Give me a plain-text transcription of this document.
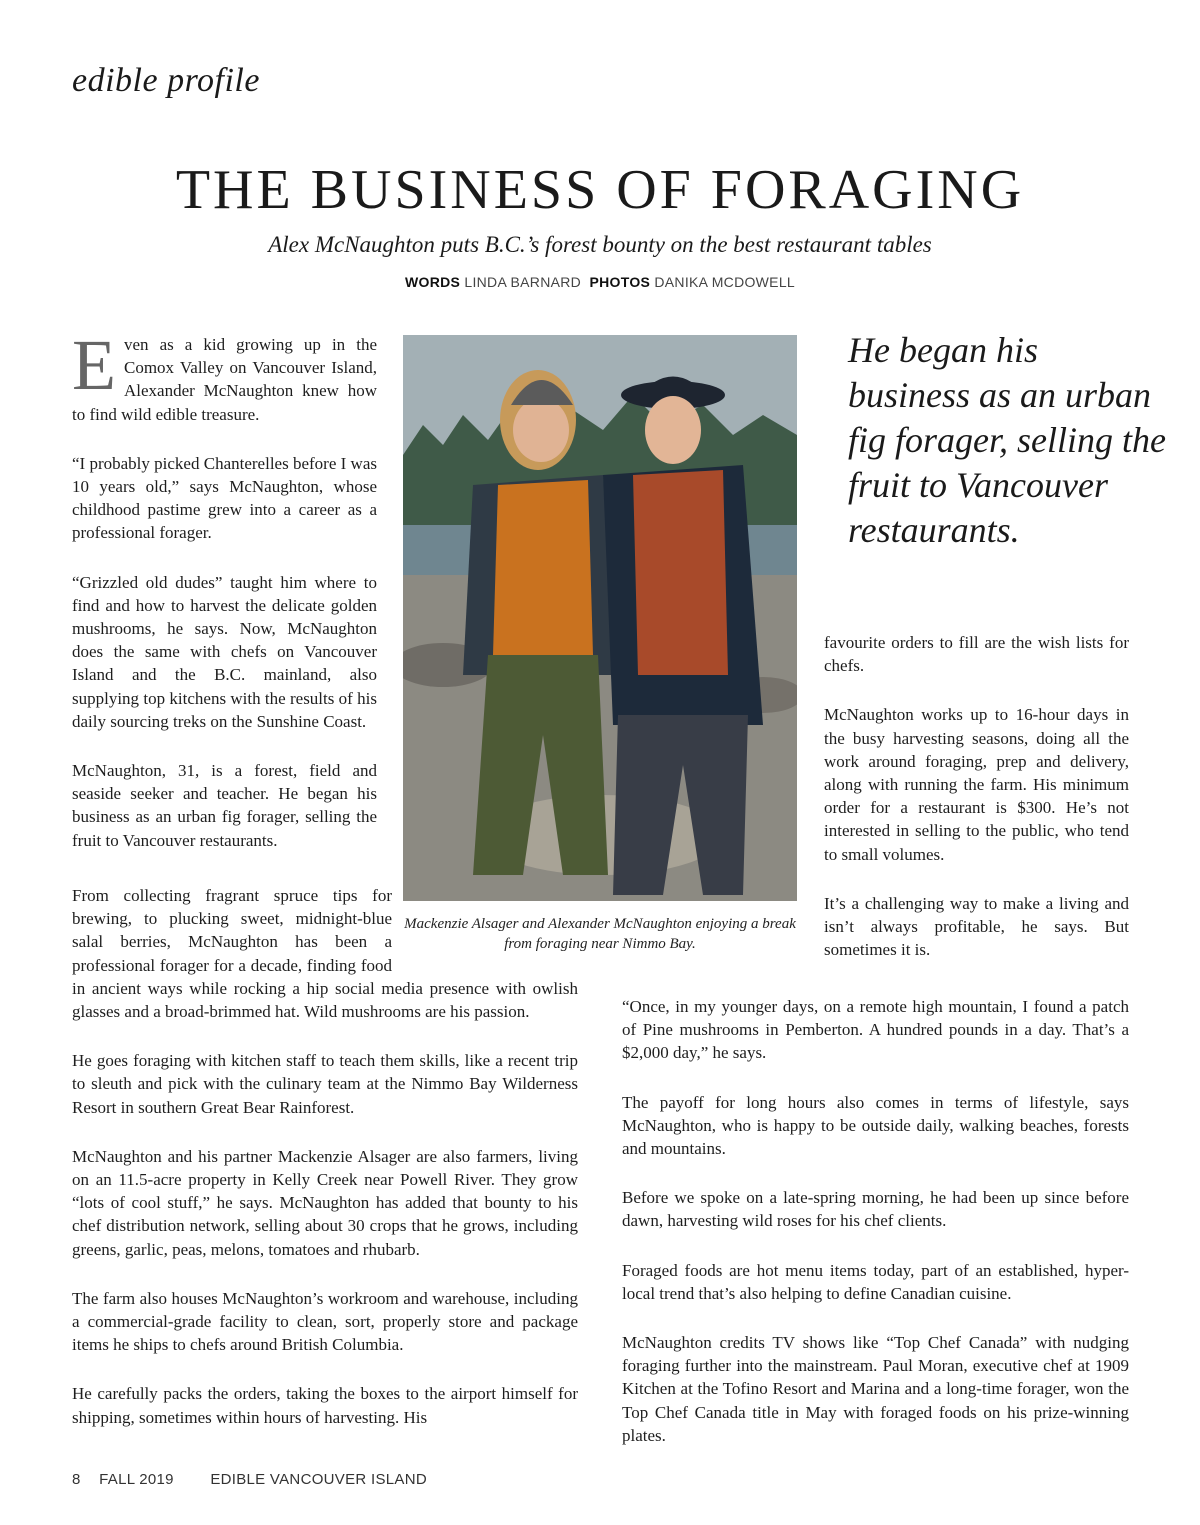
edible profile
THE BUSINESS OF FORAGING
Alex McNaughton puts B.C.’s forest bounty on the best restaurant tables
WORDS LINDA BARNARD PHOTOS DANIKA MCDOWELL

Even as a kid growing up in the Comox Valley on Vancouver Island, Alexander McNaughton knew how to find wild edible treasure.

“I probably picked Chanterelles before I was 10 years old,” says McNaughton, whose childhood pastime grew into a career as a professional forager.

“Grizzled old dudes” taught him where to find and how to harvest the delicate golden mushrooms, he says. Now, McNaughton does the same with chefs on Vancouver Island and the B.C. mainland, also supplying top kitchens with the results of his daily sourcing treks on the Sunshine Coast.

McNaughton, 31, is a forest, field and seaside seeker and teacher. He began his business as an urban fig forager, selling the fruit to Vancouver restaurants.

From collecting fragrant spruce tips for brewing, to plucking sweet, midnight-blue salal berries, McNaughton has been a professional forager for a decade, finding food in ancient ways while rocking a hip social media presence with owlish glasses and a broad-brimmed hat. Wild mushrooms are his passion.

He goes foraging with kitchen staff to teach them skills, like a recent trip to sleuth and pick with the culinary team at the Nimmo Bay Wilderness Resort in southern Great Bear Rainforest.

McNaughton and his partner Mackenzie Alsager are also farmers, living on an 11.5-acre property in Kelly Creek near Powell River. They grow “lots of cool stuff,” he says. McNaughton has added that bounty to his chef distribution network, selling about 30 crops that he grows, including greens, garlic, peas, melons, tomatoes and rhubarb.

The farm also houses McNaughton’s workroom and warehouse, including a commercial-grade facility to clean, sort, properly store and package items he ships to chefs around British Columbia.

He carefully packs the orders, taking the boxes to the airport himself for shipping, sometimes within hours of harvesting. His

Mackenzie Alsager and Alexander McNaughton enjoying a break from foraging near Nimmo Bay.
He began his business as an urban fig forager, selling the fruit to Vancouver restaurants.

favourite orders to fill are the wish lists for chefs.

McNaughton works up to 16-hour days in the busy harvesting seasons, doing all the work around foraging, prep and delivery, along with running the farm. His minimum order for a restaurant is $300. He’s not interested in selling to the public, who tend to small volumes.

It’s a challenging way to make a living and isn’t always profitable, he says. But sometimes it is.

“Once, in my younger days, on a remote high mountain, I found a patch of Pine mushrooms in Pemberton. A hundred pounds in a day. That’s a $2,000 day,” he says.

The payoff for long hours also comes in terms of lifestyle, says McNaughton, who is happy to be outside daily, walking beaches, forests and mountains.

Before we spoke on a late-spring morning, he had been up since before dawn, harvesting wild roses for his chef clients.

Foraged foods are hot menu items today, part of an established, hyper-local trend that’s also helping to define Canadian cuisine.

McNaughton credits TV shows like “Top Chef Canada” with nudging foraging further into the mainstream. Paul Moran, executive chef at 1909 Kitchen at the Tofino Resort and Marina and a long-time forager, won the Top Chef Canada title in May with foraged foods on his prize-winning plates.

8 FALL 2019 EDIBLE VANCOUVER ISLAND
